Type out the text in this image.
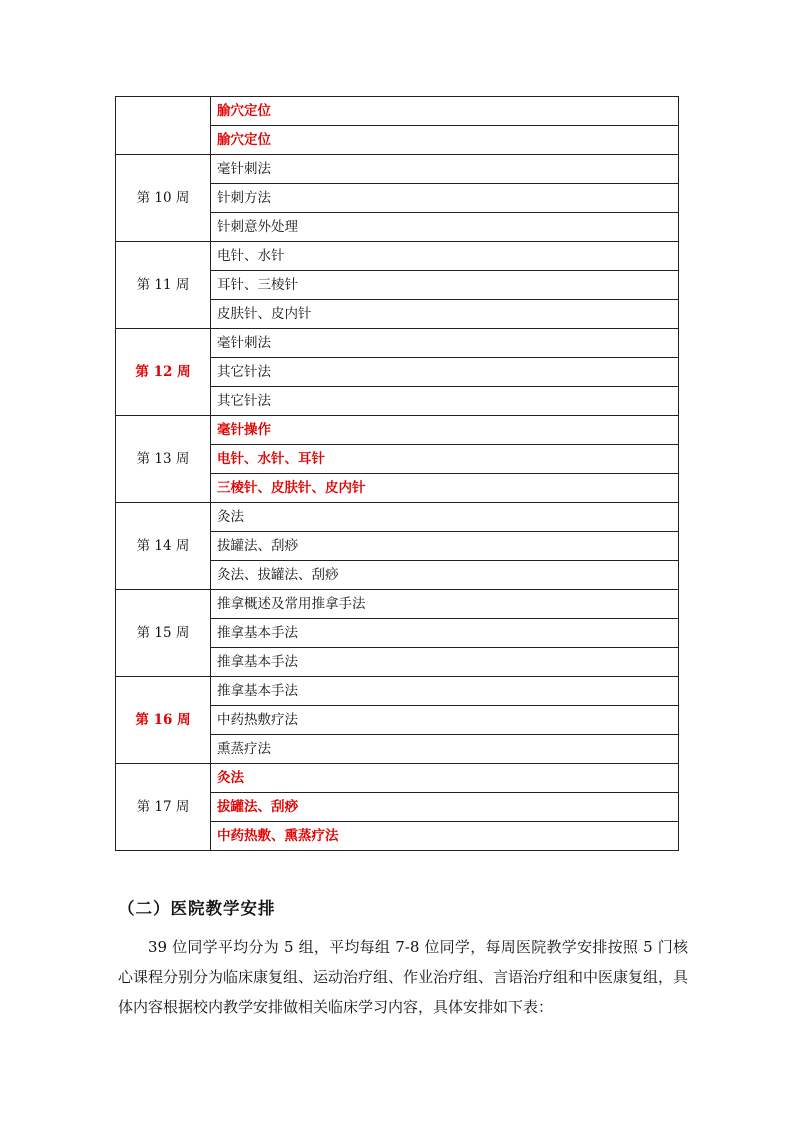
	腧穴定位
	腧穴定位
第 10 周	毫针刺法
	针刺方法
	针刺意外处理
第 11 周	电针、水针
	耳针、三棱针
	皮肤针、皮内针
第 12 周	毫针刺法
	其它针法
	其它针法
第 13 周	毫针操作
	电针、水针、耳针
	三棱针、皮肤针、皮内针
第 14 周	灸法
	拔罐法、刮痧
	灸法、拔罐法、刮痧
第 15 周	推拿概述及常用推拿手法
	推拿基本手法
	推拿基本手法
第 16 周	推拿基本手法
	中药热敷疗法
	熏蒸疗法
第 17 周	灸法
	拔罐法、刮痧
	中药热敷、熏蒸疗法
（二）医院教学安排

39 位同学平均分为 5 组，平均每组 7-8 位同学，每周医院教学安排按照 5 门核心课程分别分为临床康复组、运动治疗组、作业治疗组、言语治疗组和中医康复组，具体内容根据校内教学安排做相关临床学习内容，具体安排如下表：
